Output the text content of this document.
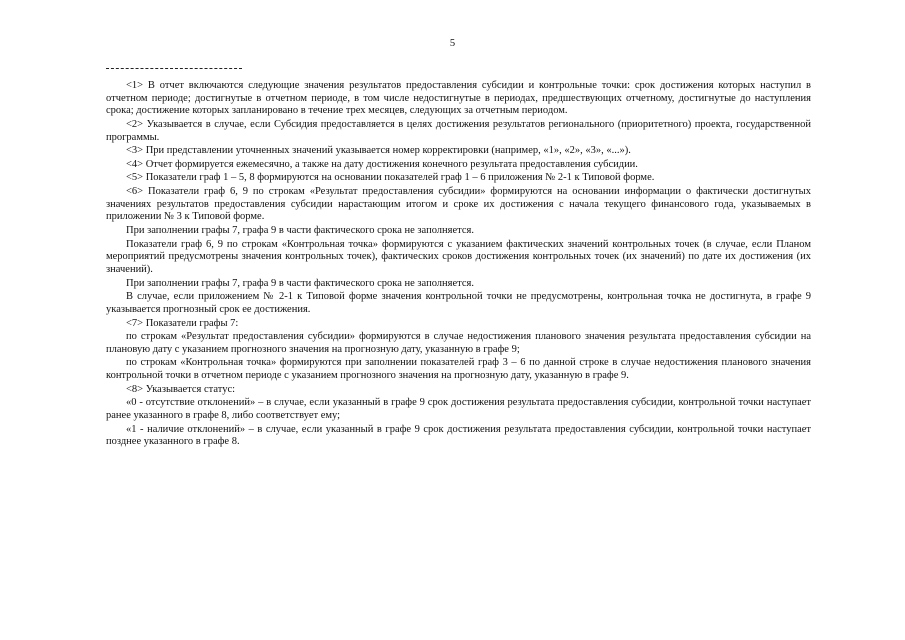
5

<1> В отчет включаются следующие значения результатов предоставления субсидии и контрольные точки: срок достижения которых наступил в отчетном периоде; достигнутые в отчетном периоде, в том числе недостигнутые в периодах, предшествующих отчетному, достигнутые до наступления срока; достижение которых запланировано в течение трех месяцев, следующих за отчетным периодом.

<2> Указывается в случае, если Субсидия предоставляется в целях достижения результатов регионального (приоритетного) проекта, государственной программы.

<3> При представлении уточненных значений указывается номер корректировки (например, «1», «2», «3», «...»).

<4> Отчет формируется ежемесячно, а также на дату достижения конечного результата предоставления субсидии.

<5> Показатели граф 1 – 5, 8 формируются на основании показателей граф 1 – 6 приложения № 2-1 к Типовой форме.

<6> Показатели граф 6, 9 по строкам «Результат предоставления субсидии» формируются на основании информации о фактически достигнутых значениях результатов предоставления субсидии нарастающим итогом и сроке их достижения с начала текущего финансового года, указываемых в приложении № 3 к Типовой форме.

При заполнении графы 7, графа 9 в части фактического срока не заполняется.

Показатели граф 6, 9 по строкам «Контрольная точка» формируются с указанием фактических значений контрольных точек (в случае, если Планом мероприятий предусмотрены значения контрольных точек), фактических сроков достижения контрольных точек (их значений) по дате их достижения (их значений).

При заполнении графы 7, графа 9 в части фактического срока не заполняется.

В случае, если приложением № 2-1 к Типовой форме значения контрольной точки не предусмотрены, контрольная точка не достигнута, в графе 9 указывается прогнозный срок ее достижения.

<7> Показатели графы 7:

по строкам «Результат предоставления субсидии» формируются в случае недостижения планового значения результата предоставления субсидии на плановую дату с указанием прогнозного значения на прогнозную дату, указанную в графе 9;

по строкам «Контрольная точка» формируются при заполнении показателей граф 3 – 6 по данной строке в случае недостижения планового значения контрольной точки в отчетном периоде с указанием прогнозного значения на прогнозную дату, указанную в графе 9.

<8> Указывается статус:

«0 - отсутствие отклонений» – в случае, если указанный в графе 9 срок достижения результата предоставления субсидии, контрольной точки наступает ранее указанного в графе 8, либо соответствует ему;

«1 - наличие отклонений» – в случае, если указанный в графе 9 срок достижения результата предоставления субсидии, контрольной точки наступает позднее указанного в графе 8.
